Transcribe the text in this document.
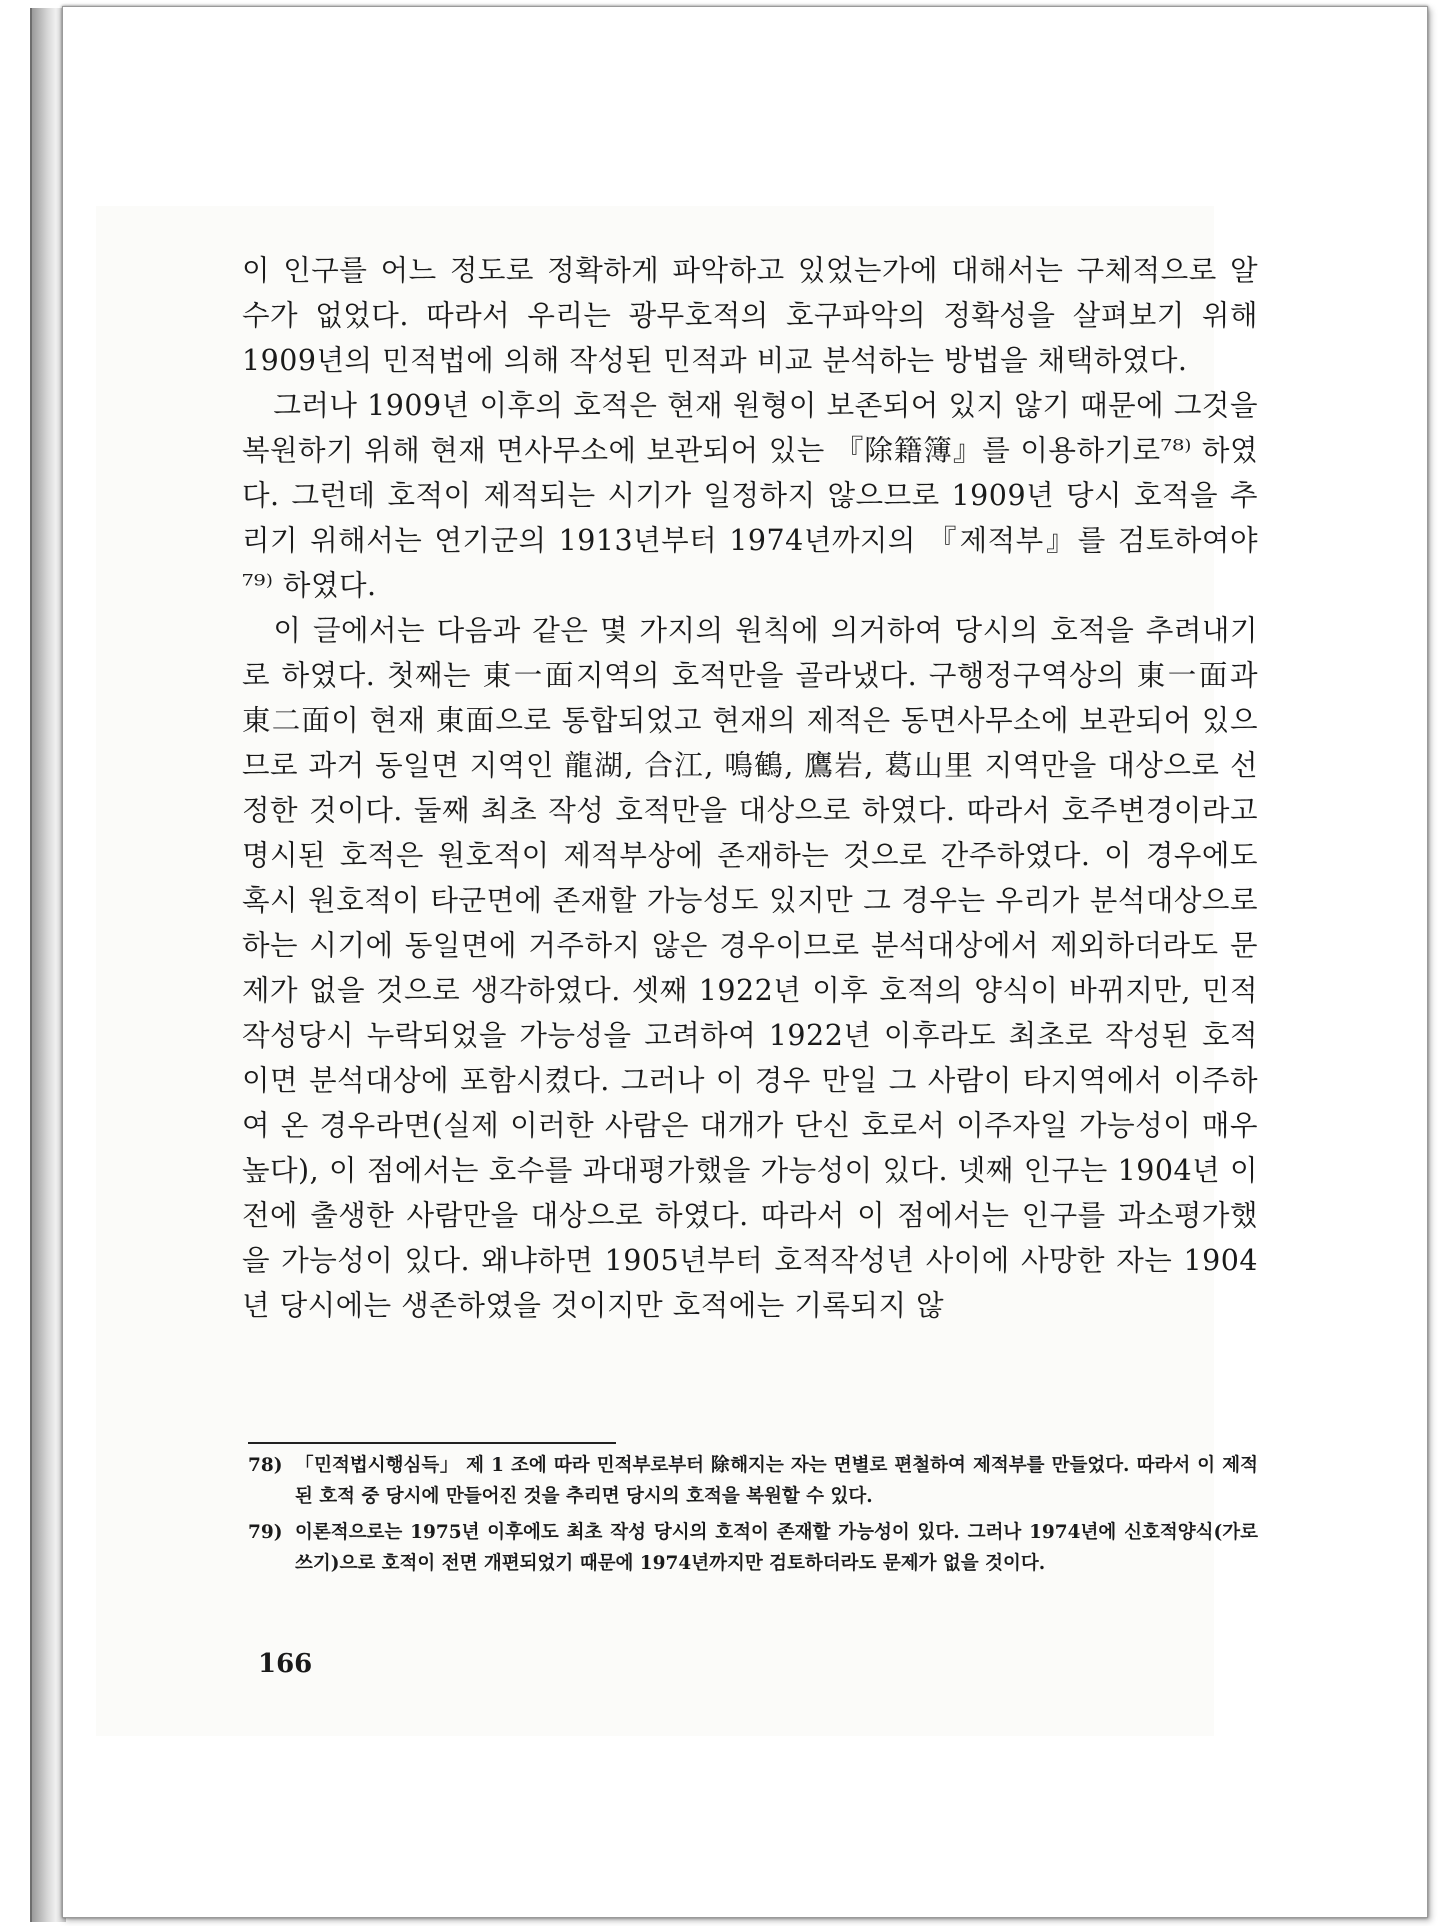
이 인구를 어느 정도로 정확하게 파악하고 있었는가에 대해서는 구체적으로 알 수가 없었다. 따라서 우리는 광무호적의 호구파악의 정확성을 살펴보기 위해 1909년의 민적법에 의해 작성된 민적과 비교 분석하는 방법을 채택하였다.

그러나 1909년 이후의 호적은 현재 원형이 보존되어 있지 않기 때문에 그것을 복원하기 위해 현재 면사무소에 보관되어 있는 『除籍簿』를 이용하기로⁷⁸⁾ 하였다. 그런데 호적이 제적되는 시기가 일정하지 않으므로 1909년 당시 호적을 추리기 위해서는 연기군의 1913년부터 1974년까지의 『제적부』를 검토하여야⁷⁹⁾ 하였다.

이 글에서는 다음과 같은 몇 가지의 원칙에 의거하여 당시의 호적을 추려내기로 하였다. 첫째는 東一面지역의 호적만을 골라냈다. 구행정구역상의 東一面과 東二面이 현재 東面으로 통합되었고 현재의 제적은 동면사무소에 보관되어 있으므로 과거 동일면 지역인 龍湖, 合江, 鳴鶴, 鷹岩, 葛山里 지역만을 대상으로 선정한 것이다. 둘째 최초 작성 호적만을 대상으로 하였다. 따라서 호주변경이라고 명시된 호적은 원호적이 제적부상에 존재하는 것으로 간주하였다. 이 경우에도 혹시 원호적이 타군면에 존재할 가능성도 있지만 그 경우는 우리가 분석대상으로 하는 시기에 동일면에 거주하지 않은 경우이므로 분석대상에서 제외하더라도 문제가 없을 것으로 생각하였다. 셋째 1922년 이후 호적의 양식이 바뀌지만, 민적 작성당시 누락되었을 가능성을 고려하여 1922년 이후라도 최초로 작성된 호적이면 분석대상에 포함시켰다. 그러나 이 경우 만일 그 사람이 타지역에서 이주하여 온 경우라면(실제 이러한 사람은 대개가 단신 호로서 이주자일 가능성이 매우 높다), 이 점에서는 호수를 과대평가했을 가능성이 있다. 넷째 인구는 1904년 이전에 출생한 사람만을 대상으로 하였다. 따라서 이 점에서는 인구를 과소평가했을 가능성이 있다. 왜냐하면 1905년부터 호적작성년 사이에 사망한 자는 1904년 당시에는 생존하였을 것이지만 호적에는 기록되지 않

78) 「민적법시행심득」 제 1 조에 따라 민적부로부터 除해지는 자는 면별로 편철하여 제적부를 만들었다. 따라서 이 제적된 호적 중 당시에 만들어진 것을 추리면 당시의 호적을 복원할 수 있다.
79) 이론적으로는 1975년 이후에도 최초 작성 당시의 호적이 존재할 가능성이 있다. 그러나 1974년에 신호적양식(가로쓰기)으로 호적이 전면 개편되었기 때문에 1974년까지만 검토하더라도 문제가 없을 것이다.
166
